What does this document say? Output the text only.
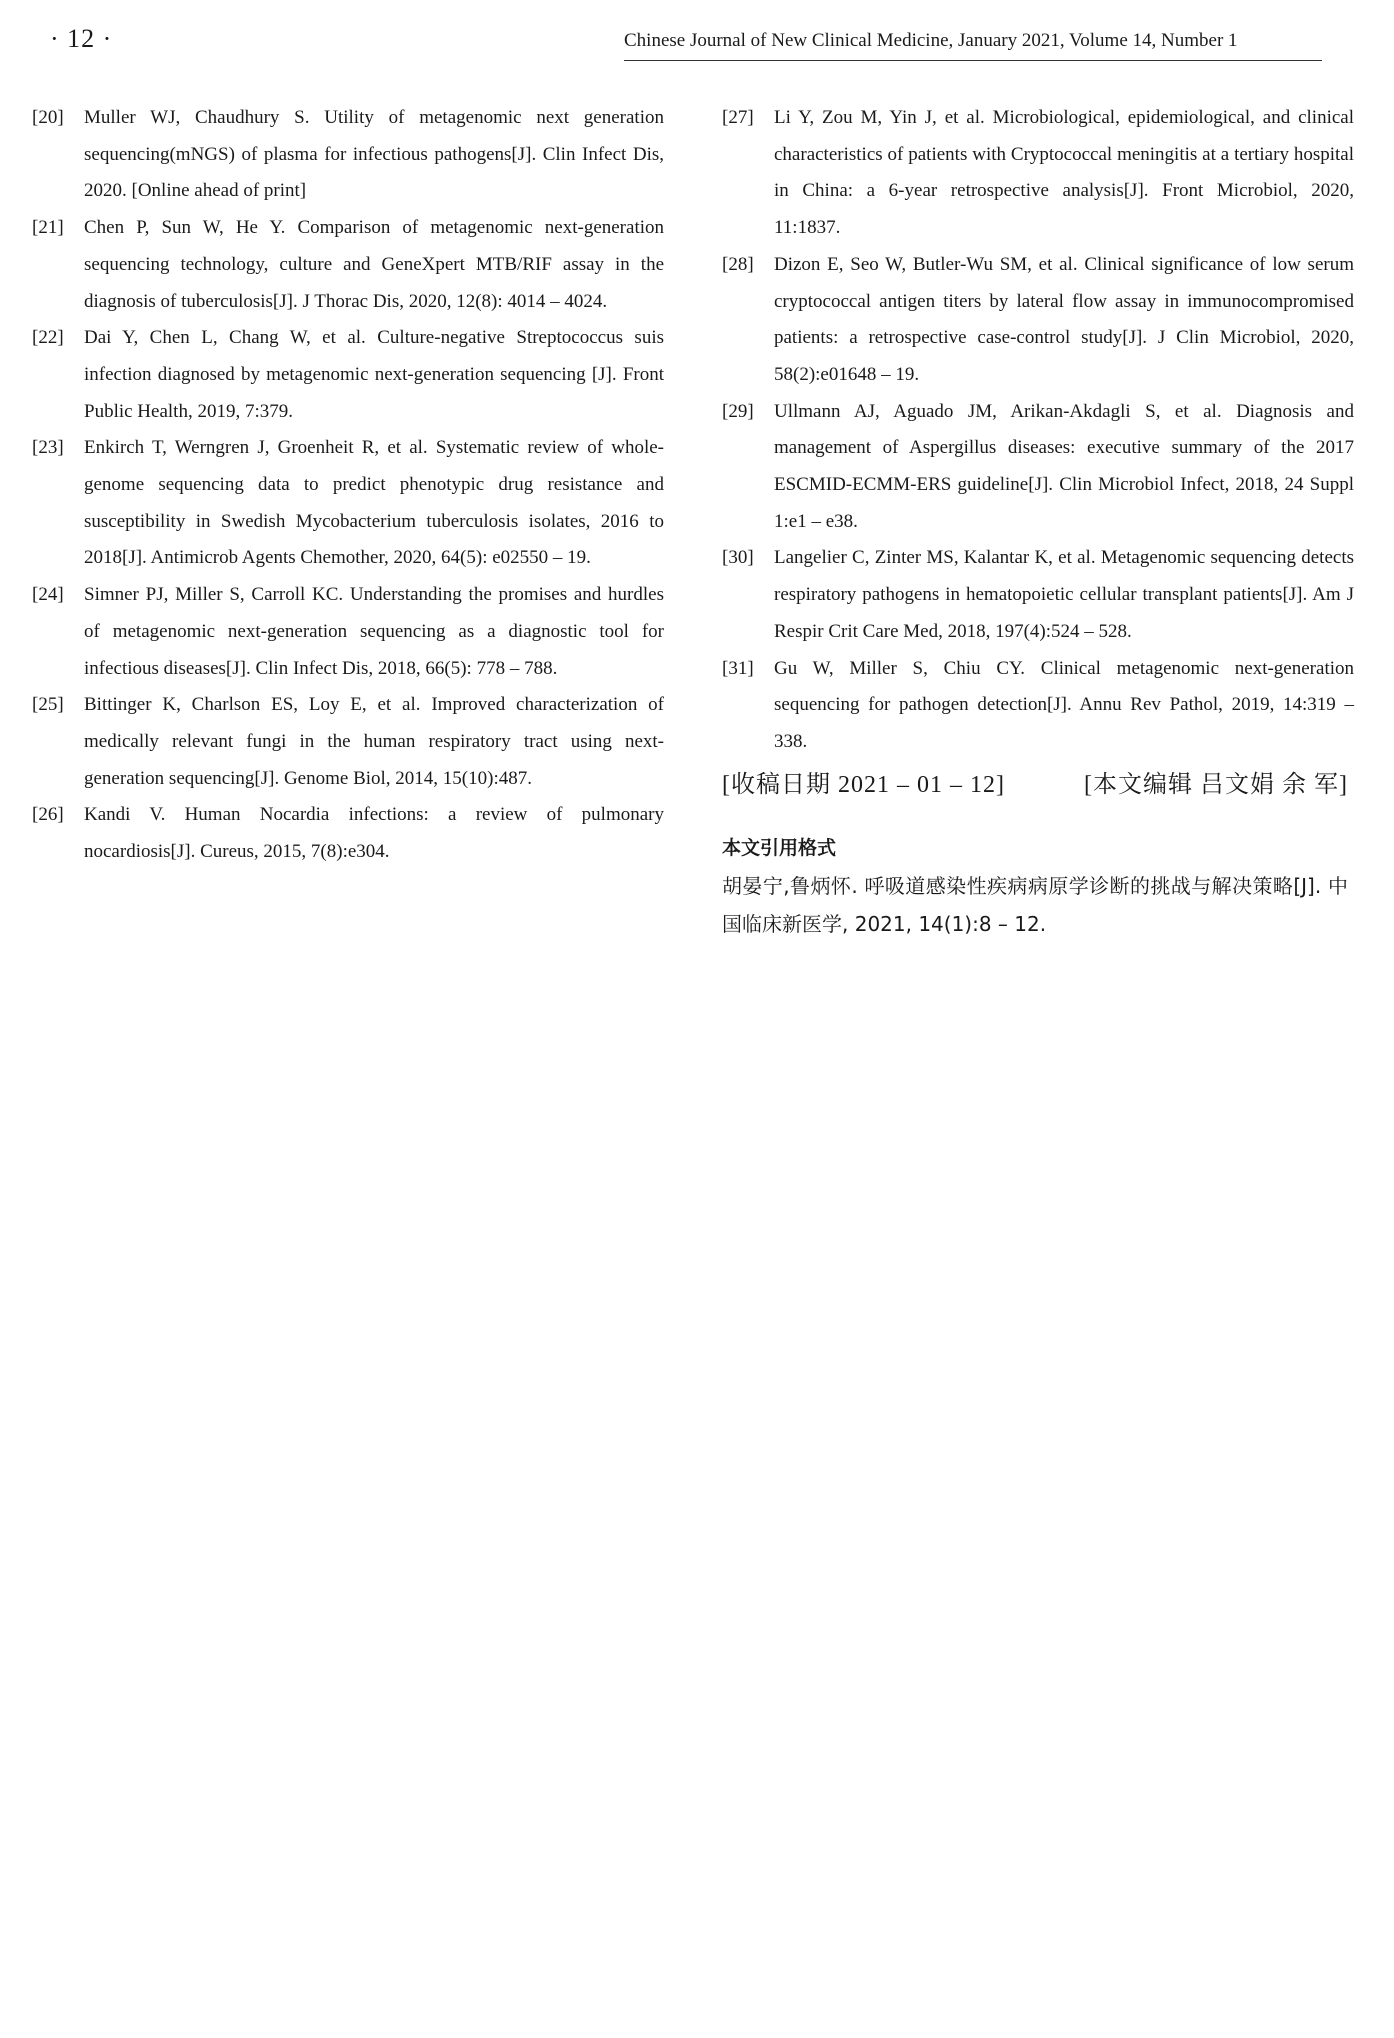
· 12 ·	Chinese Journal of New Clinical Medicine, January 2021, Volume 14, Number 1
[20] Muller WJ, Chaudhury S. Utility of metagenomic next generation sequencing(mNGS) of plasma for infectious pathogens[J]. Clin Infect Dis, 2020. [Online ahead of print]
[21] Chen P, Sun W, He Y. Comparison of metagenomic next-generation sequencing technology, culture and GeneXpert MTB/RIF assay in the diagnosis of tuberculosis[J]. J Thorac Dis, 2020, 12(8): 4014 – 4024.
[22] Dai Y, Chen L, Chang W, et al. Culture-negative Streptococcus suis infection diagnosed by metagenomic next-generation sequencing [J]. Front Public Health, 2019, 7:379.
[23] Enkirch T, Werngren J, Groenheit R, et al. Systematic review of whole-genome sequencing data to predict phenotypic drug resistance and susceptibility in Swedish Mycobacterium tuberculosis isolates, 2016 to 2018[J]. Antimicrob Agents Chemother, 2020, 64(5): e02550 – 19.
[24] Simner PJ, Miller S, Carroll KC. Understanding the promises and hurdles of metagenomic next-generation sequencing as a diagnostic tool for infectious diseases[J]. Clin Infect Dis, 2018, 66(5): 778 – 788.
[25] Bittinger K, Charlson ES, Loy E, et al. Improved characterization of medically relevant fungi in the human respiratory tract using next-generation sequencing[J]. Genome Biol, 2014, 15(10):487.
[26] Kandi V. Human Nocardia infections: a review of pulmonary nocardiosis[J]. Cureus, 2015, 7(8):e304.
[27] Li Y, Zou M, Yin J, et al. Microbiological, epidemiological, and clinical characteristics of patients with Cryptococcal meningitis at a tertiary hospital in China: a 6-year retrospective analysis[J]. Front Microbiol, 2020, 11:1837.
[28] Dizon E, Seo W, Butler-Wu SM, et al. Clinical significance of low serum cryptococcal antigen titers by lateral flow assay in immunocompromised patients: a retrospective case-control study[J]. J Clin Microbiol, 2020, 58(2):e01648 – 19.
[29] Ullmann AJ, Aguado JM, Arikan-Akdagli S, et al. Diagnosis and management of Aspergillus diseases: executive summary of the 2017 ESCMID-ECMM-ERS guideline[J]. Clin Microbiol Infect, 2018, 24 Suppl 1:e1 – e38.
[30] Langelier C, Zinter MS, Kalantar K, et al. Metagenomic sequencing detects respiratory pathogens in hematopoietic cellular transplant patients[J]. Am J Respir Crit Care Med, 2018, 197(4):524 – 528.
[31] Gu W, Miller S, Chiu CY. Clinical metagenomic next-generation sequencing for pathogen detection[J]. Annu Rev Pathol, 2019, 14:319 – 338.
[收稿日期 2021 – 01 – 12]	[本文编辑 吕文娟 余 军]
本文引用格式
胡晏宁,鲁炳怀. 呼吸道感染性疾病病原学诊断的挑战与解决策略[J]. 中国临床新医学, 2021, 14(1):8 – 12.
